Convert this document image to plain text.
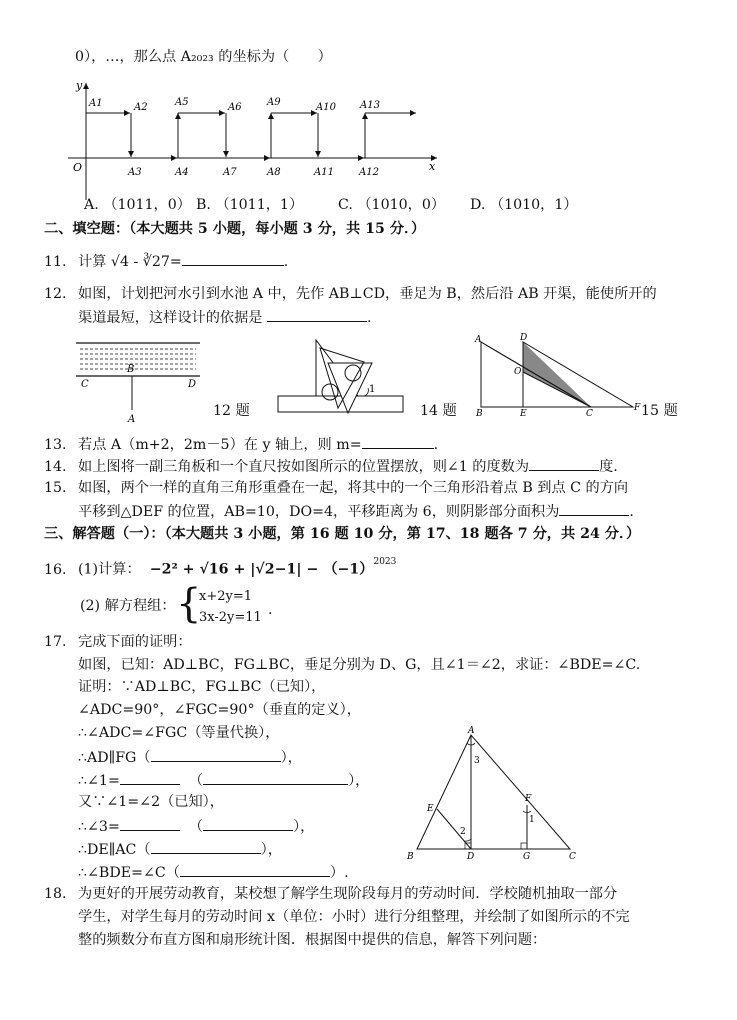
0），…，那么点 A₂₀₂₃ 的坐标为（　　）
y
x
O
A1	A2	A5	A6	A9	A10 A13
A3	A4	A7	A8	A11	A12
A. （1011，0） B. （1011，1） C. （1010，0） D. （1010，1）
二、填空题：（本大题共 5 小题，每小题 3 分，共 15 分．）
11. 计算 √4 - ∛27=	.
12. 如图，计划把河水引到水池 A 中，先作 AB⊥CD，垂足为 B，然后沿 AB 开渠，能使所开的
渠道最短，这样设计的依据是	.
B
C	D
A
12 题
1
14 题
A	D
O
B	E	C
F 15 题
13. 若点 A（m+2，2m－5）在 y 轴上，则 m=	.
14. 如上图将一副三角板和一个直尺按如图所示的位置摆放，则∠1 的度数为	度.
15. 如图，两个一样的直角三角形重叠在一起，将其中的一个三角形沿着点 B 到点 C 的方向
平移到△DEF 的位置，AB=10，DO=4，平移距离为 6，则阴影部分面积为	.
三、解答题（一）：（本大题共 3 小题，第 16 题 10 分，第 17、18 题各 7 分，共 24 分．）
16. (1)计算： $-2^2 + √16 + |√2-1| - (-1)^{2023}$
(2) 解方程组： {
x+2y=1
3x-2y=11 .
17. 完成下面的证明：
如图，已知：AD⊥BC，FG⊥BC，垂足分别为 D、G，且∠1＝∠2，求证：∠BDE=∠C.
证明：∵AD⊥BC，FG⊥BC（已知），
∠ADC=90°，∠FGC=90°（垂直的定义），
∴∠ADC=∠FGC（等量代换），
∴AD∥FG（	），
∴∠1=	（	），
又∵∠1=∠2（已知），
∴∠3=	（	），
∴DE∥AC（	），
∴∠BDE=∠C（	）.
A
3
E
2
D
B
F
1
G	C
18. 为更好的开展劳动教育，某校想了解学生现阶段每月的劳动时间．学校随机抽取一部分
学生，对学生每月的劳动时间 x（单位：小时）进行分组整理，并绘制了如图所示的不完
整的频数分布直方图和扇形统计图．根据图中提供的信息，解答下列问题：
